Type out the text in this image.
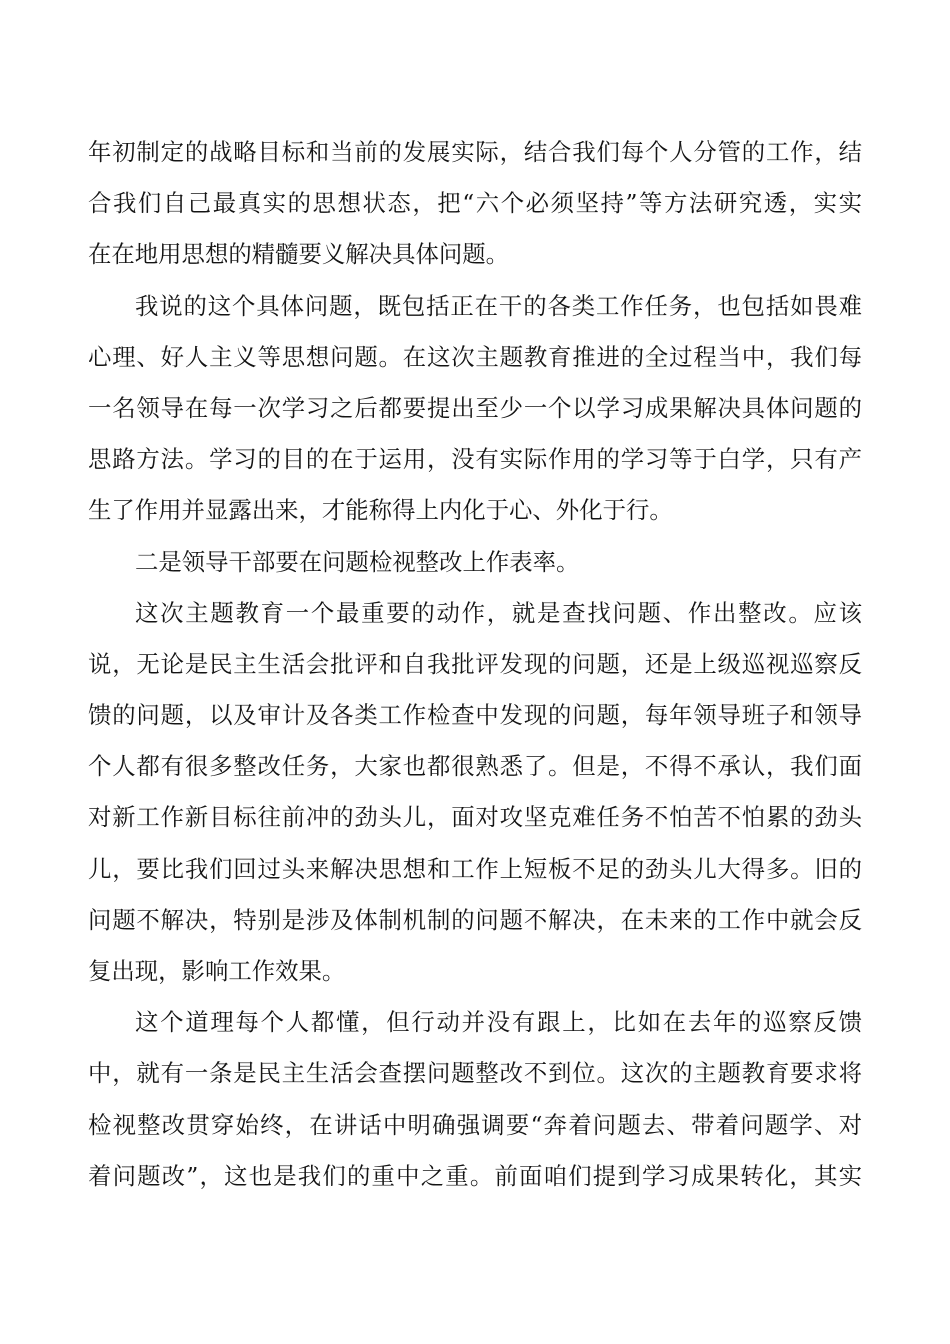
年初制定的战略目标和当前的发展实际，结合我们每个人分管的工作，结
合我们自己最真实的思想状态，把“六个必须坚持”等方法研究透，实实
在在地用思想的精髓要义解决具体问题。
我说的这个具体问题，既包括正在干的各类工作任务，也包括如畏难
心理、好人主义等思想问题。在这次主题教育推进的全过程当中，我们每
一名领导在每一次学习之后都要提出至少一个以学习成果解决具体问题的
思路方法。学习的目的在于运用，没有实际作用的学习等于白学，只有产
生了作用并显露出来，才能称得上内化于心、外化于行。
二是领导干部要在问题检视整改上作表率。
这次主题教育一个最重要的动作，就是查找问题、作出整改。应该
说，无论是民主生活会批评和自我批评发现的问题，还是上级巡视巡察反
馈的问题，以及审计及各类工作检查中发现的问题，每年领导班子和领导
个人都有很多整改任务，大家也都很熟悉了。但是，不得不承认，我们面
对新工作新目标往前冲的劲头儿，面对攻坚克难任务不怕苦不怕累的劲头
儿，要比我们回过头来解决思想和工作上短板不足的劲头儿大得多。旧的
问题不解决，特别是涉及体制机制的问题不解决，在未来的工作中就会反
复出现，影响工作效果。
这个道理每个人都懂，但行动并没有跟上，比如在去年的巡察反馈
中，就有一条是民主生活会查摆问题整改不到位。这次的主题教育要求将
检视整改贯穿始终，在讲话中明确强调要“奔着问题去、带着问题学、对
着问题改”，这也是我们的重中之重。前面咱们提到学习成果转化，其实
